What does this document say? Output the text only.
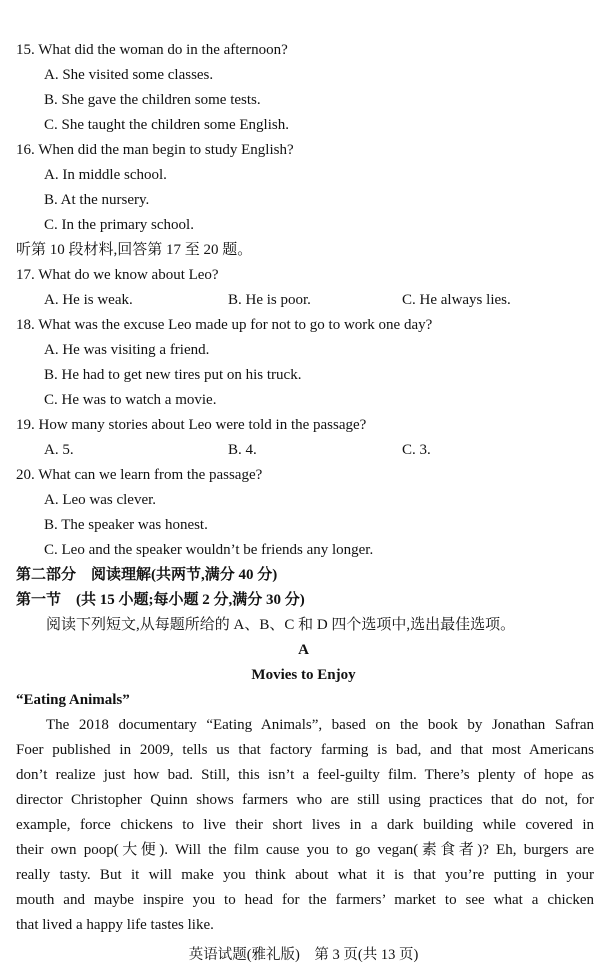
15. What did the woman do in the afternoon?
A. She visited some classes.
B. She gave the children some tests.
C. She taught the children some English.
16. When did the man begin to study English?
A. In middle school.
B. At the nursery.
C. In the primary school.
听第 10 段材料,回答第 17 至 20 题。
17. What do we know about Leo?
A. He is weak.	B. He is poor.	C. He always lies.
18. What was the excuse Leo made up for not to go to work one day?
A. He was visiting a friend.
B. He had to get new tires put on his truck.
C. He was to watch a movie.
19. How many stories about Leo were told in the passage?
A. 5.	B. 4.	C. 3.
20. What can we learn from the passage?
A. Leo was clever.
B. The speaker was honest.
C. Leo and the speaker wouldn’t be friends any longer.
第二部分　阅读理解(共两节,满分 40 分)
第一节　(共 15 小题;每小题 2 分,满分 30 分)
阅读下列短文,从每题所给的 A、B、C 和 D 四个选项中,选出最佳选项。
A
Movies to Enjoy
“Eating Animals”
The 2018 documentary “Eating Animals”, based on the book by Jonathan Safran
Foer published in 2009, tells us that factory farming is bad, and that most Americans
don’t realize just how bad. Still, this isn’t a feel-guilty film. There’s plenty of hope as
director Christopher Quinn shows farmers who are still using practices that do not, for
example, force chickens to live their short lives in a dark building while covered in
their own poop(大便). Will the film cause you to go vegan(素食者)? Eh, burgers are
really tasty. But it will make you think about what it is that you’re putting in your
mouth and maybe inspire you to head for the farmers’ market to see what a chicken
that lived a happy life tastes like.
英语试题(雅礼版)　第 3 页(共 13 页)
